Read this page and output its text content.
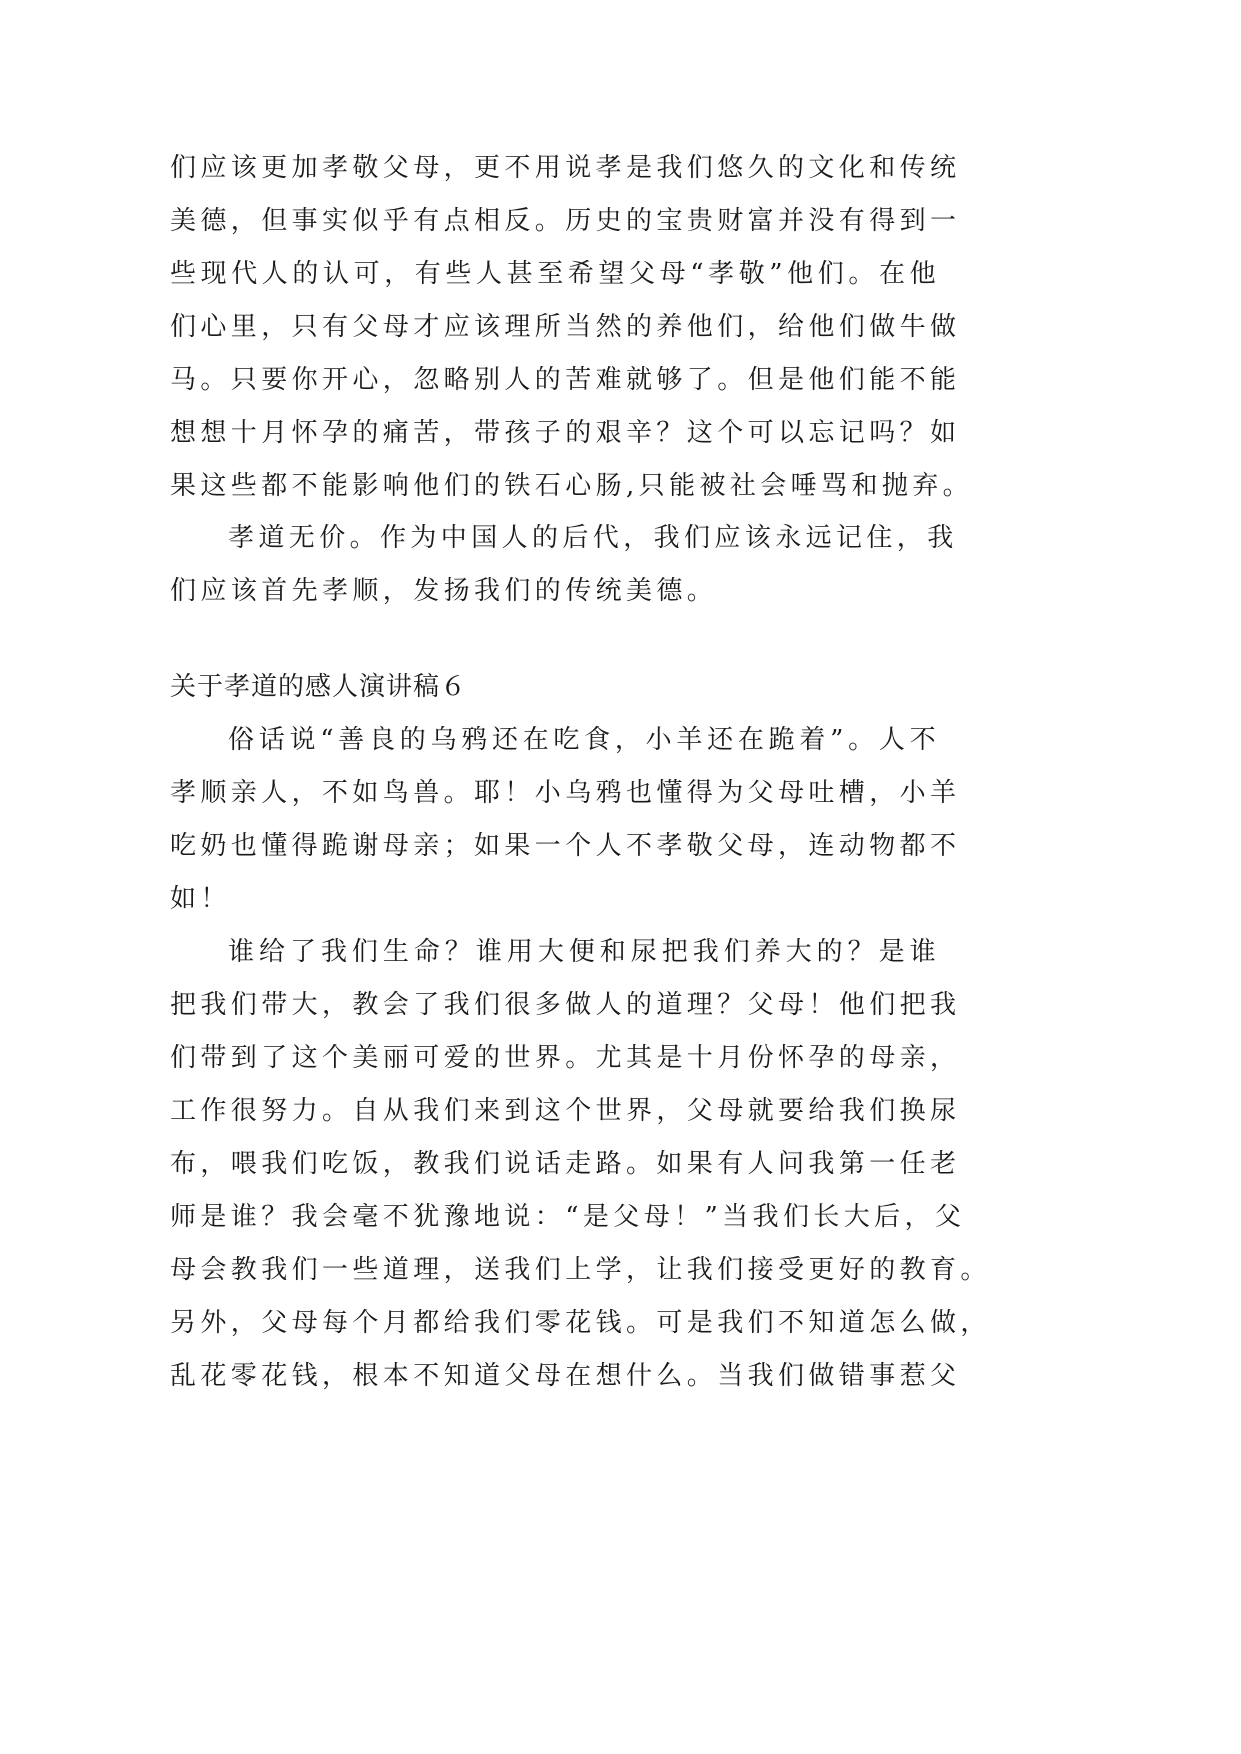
们应该更加孝敬父母，更不用说孝是我们悠久的文化和传统
美德，但事实似乎有点相反。历史的宝贵财富并没有得到一
些现代人的认可，有些人甚至希望父母“孝敬”他们。在他
们心里，只有父母才应该理所当然的养他们，给他们做牛做
马。只要你开心，忽略别人的苦难就够了。但是他们能不能
想想十月怀孕的痛苦，带孩子的艰辛？这个可以忘记吗？如
果这些都不能影响他们的铁石心肠,只能被社会唾骂和抛弃。
孝道无价。作为中国人的后代，我们应该永远记住，我
们应该首先孝顺，发扬我们的传统美德。
关于孝道的感人演讲稿６
俗话说“善良的乌鸦还在吃食，小羊还在跪着”。人不
孝顺亲人，不如鸟兽。耶！小乌鸦也懂得为父母吐槽，小羊
吃奶也懂得跪谢母亲；如果一个人不孝敬父母，连动物都不
如！
谁给了我们生命？谁用大便和尿把我们养大的？是谁
把我们带大，教会了我们很多做人的道理？父母！他们把我
们带到了这个美丽可爱的世界。尤其是十月份怀孕的母亲，
工作很努力。自从我们来到这个世界，父母就要给我们换尿
布，喂我们吃饭，教我们说话走路。如果有人问我第一任老
师是谁？我会毫不犹豫地说：“是父母！”当我们长大后，父
母会教我们一些道理，送我们上学，让我们接受更好的教育。
另外，父母每个月都给我们零花钱。可是我们不知道怎么做，
乱花零花钱，根本不知道父母在想什么。当我们做错事惹父
